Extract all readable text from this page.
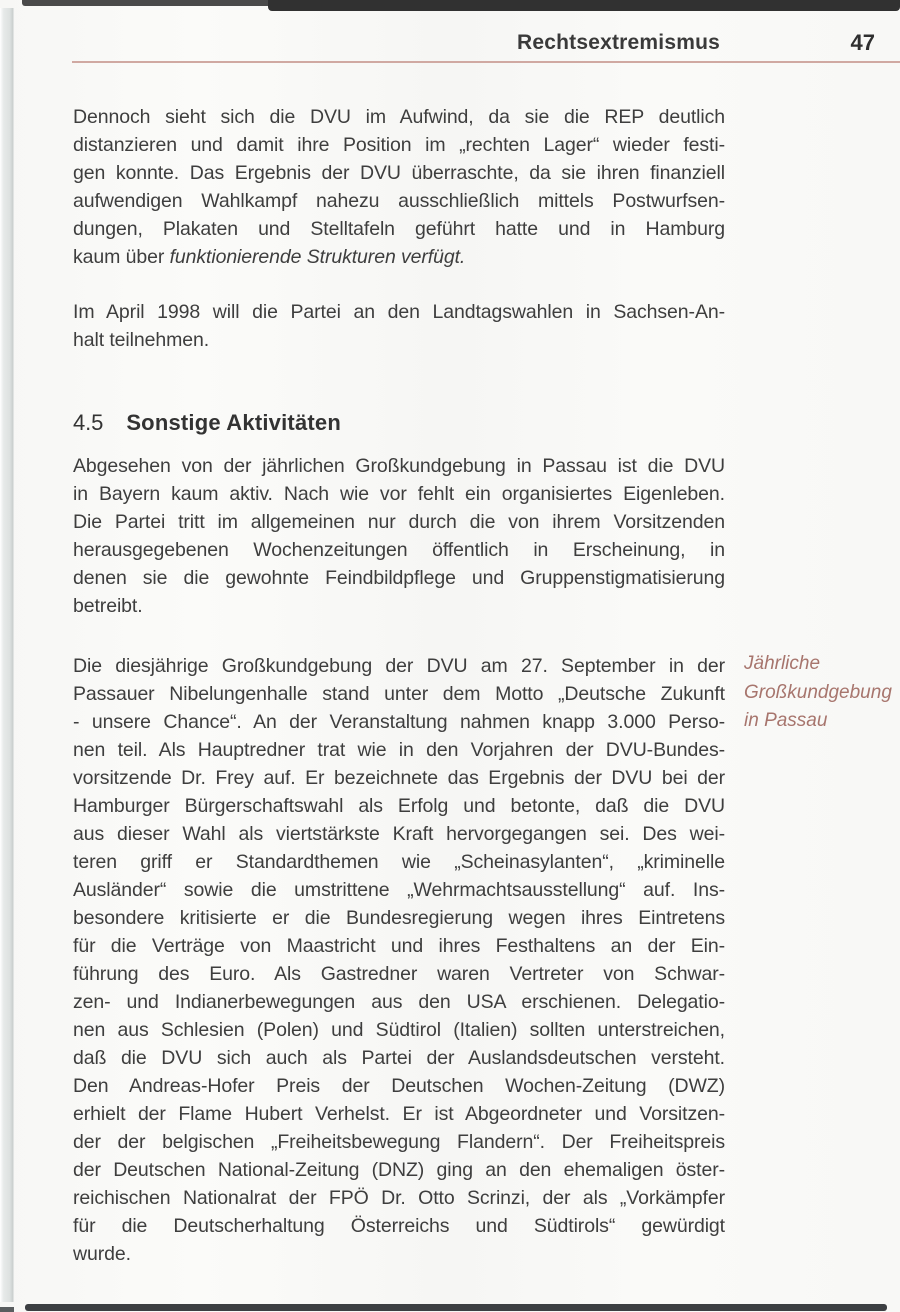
Rechtsextremismus	47
Dennoch sieht sich die DVU im Aufwind, da sie die REP deutlich
distanzieren und damit ihre Position im „rechten Lager“ wieder festi-
gen konnte. Das Ergebnis der DVU überraschte, da sie ihren finanziell
aufwendigen Wahlkampf nahezu ausschließlich mittels Postwurfsen-
dungen, Plakaten und Stelltafeln geführt hatte und in Hamburg
kaum über funktionierende Strukturen verfügt.
Im April 1998 will die Partei an den Landtagswahlen in Sachsen-An-
halt teilnehmen.
4.5 Sonstige Aktivitäten
Abgesehen von der jährlichen Großkundgebung in Passau ist die DVU
in Bayern kaum aktiv. Nach wie vor fehlt ein organisiertes Eigenleben.
Die Partei tritt im allgemeinen nur durch die von ihrem Vorsitzenden
herausgegebenen Wochenzeitungen öffentlich in Erscheinung, in
denen sie die gewohnte Feindbildpflege und Gruppenstigmatisierung
betreibt.
Die diesjährige Großkundgebung der DVU am 27. September in der
Passauer Nibelungenhalle stand unter dem Motto „Deutsche Zukunft
- unsere Chance“. An der Veranstaltung nahmen knapp 3.000 Perso-
nen teil. Als Hauptredner trat wie in den Vorjahren der DVU-Bundes-
vorsitzende Dr. Frey auf. Er bezeichnete das Ergebnis der DVU bei der
Hamburger Bürgerschaftswahl als Erfolg und betonte, daß die DVU
aus dieser Wahl als viertstärkste Kraft hervorgegangen sei. Des wei-
teren griff er Standardthemen wie „Scheinasylanten“, „kriminelle
Ausländer“ sowie die umstrittene „Wehrmachtsausstellung“ auf. Ins-
besondere kritisierte er die Bundesregierung wegen ihres Eintretens
für die Verträge von Maastricht und ihres Festhaltens an der Ein-
führung des Euro. Als Gastredner waren Vertreter von Schwar-
zen- und Indianerbewegungen aus den USA erschienen. Delegatio-
nen aus Schlesien (Polen) und Südtirol (Italien) sollten unterstreichen,
daß die DVU sich auch als Partei der Auslandsdeutschen versteht.
Den Andreas-Hofer Preis der Deutschen Wochen-Zeitung (DWZ)
erhielt der Flame Hubert Verhelst. Er ist Abgeordneter und Vorsitzen-
der der belgischen „Freiheitsbewegung Flandern“. Der Freiheitspreis
der Deutschen National-Zeitung (DNZ) ging an den ehemaligen öster-
reichischen Nationalrat der FPÖ Dr. Otto Scrinzi, der als „Vorkämpfer
für die Deutscherhaltung Österreichs und Südtirols“ gewürdigt
wurde.
Jährliche
Großkundgebung
in Passau
